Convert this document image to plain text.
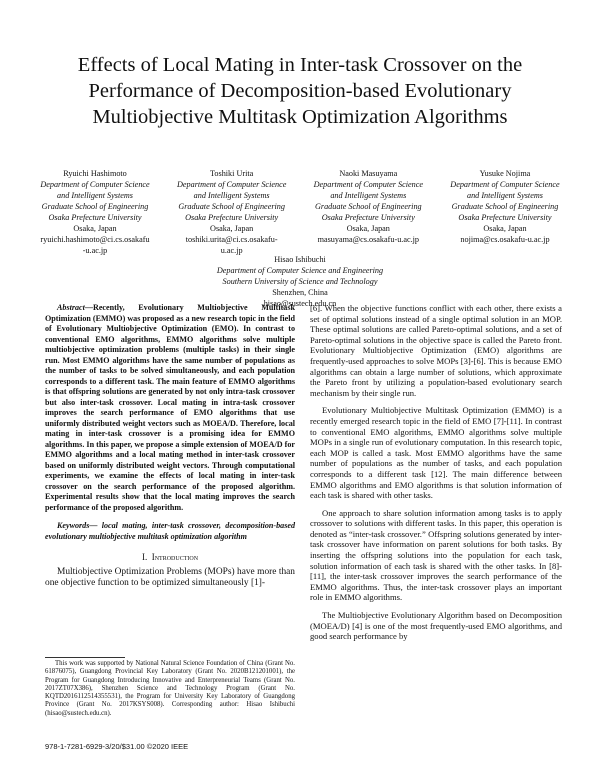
Effects of Local Mating in Inter-task Crossover on the
Performance of Decomposition-based Evolutionary
Multiobjective Multitask Optimization Algorithms
Ryuichi Hashimoto
Department of Computer Science
and Intelligent Systems
Graduate School of Engineering
Osaka Prefecture University
Osaka, Japan
ryuichi.hashimoto@ci.cs.osakafu
-u.ac.jp
Toshiki Urita
Department of Computer Science
and Intelligent Systems
Graduate School of Engineering
Osaka Prefecture University
Osaka, Japan
toshiki.urita@ci.cs.osakafu-
u.ac.jp
Naoki Masuyama
Department of Computer Science
and Intelligent Systems
Graduate School of Engineering
Osaka Prefecture University
Osaka, Japan
masuyama@cs.osakafu-u.ac.jp
Yusuke Nojima
Department of Computer Science
and Intelligent Systems
Graduate School of Engineering
Osaka Prefecture University
Osaka, Japan
nojima@cs.osakafu-u.ac.jp
Hisao Ishibuchi
Department of Computer Science and Engineering
Southern University of Science and Technology
Shenzhen, China
hisao@sustech.edu.cn
Abstract—Recently, Evolutionary Multiobjective Multitask Optimization (EMMO) was proposed as a new research topic in the field of Evolutionary Multiobjective Optimization (EMO). In contrast to conventional EMO algorithms, EMMO algorithms solve multiple multiobjective optimization problems (multiple tasks) in their single run. Most EMMO algorithms have the same number of populations as the number of tasks to be solved simultaneously, and each population corresponds to a different task. The main feature of EMMO algorithms is that offspring solutions are generated by not only intra-task crossover but also inter-task crossover. Local mating in intra-task crossover improves the search performance of EMO algorithms that use uniformly distributed weight vectors such as MOEA/D. Therefore, local mating in inter-task crossover is a promising idea for EMMO algorithms. In this paper, we propose a simple extension of MOEA/D for EMMO algorithms and a local mating method in inter-task crossover based on uniformly distributed weight vectors. Through computational experiments, we examine the effects of local mating in inter-task crossover on the search performance of the proposed algorithm. Experimental results show that the local mating improves the search performance of the proposed algorithm.
Keywords— local mating, inter-task crossover, decomposition-based evolutionary multiobjective multitask optimization algorithm
I. Introduction

Multiobjective Optimization Problems (MOPs) have more than one objective function to be optimized simultaneously [1]-

[6]. When the objective functions conflict with each other, there exists a set of optimal solutions instead of a single optimal solution in an MOP. These optimal solutions are called Pareto-optimal solutions, and a set of Pareto-optimal solutions in the objective space is called the Pareto front. Evolutionary Multiobjective Optimization (EMO) algorithms are frequently-used approaches to solve MOPs [3]-[6]. This is because EMO algorithms can obtain a large number of solutions, which approximate the Pareto front by utilizing a population-based evolutionary search mechanism by their single run.

Evolutionary Multiobjective Multitask Optimization (EMMO) is a recently emerged research topic in the field of EMO [7]-[11]. In contrast to conventional EMO algorithms, EMMO algorithms solve multiple MOPs in a single run of evolutionary computation. In this research topic, each MOP is called a task. Most EMMO algorithms have the same number of populations as the number of tasks, and each population corresponds to a different task [12]. The main difference between EMMO algorithms and EMO algorithms is that solution information of each task is shared with other tasks.

One approach to share solution information among tasks is to apply crossover to solutions with different tasks. In this paper, this operation is denoted as “inter-task crossover.” Offspring solutions generated by inter-task crossover have information on parent solutions for both tasks. By inserting the offspring solutions into the population for each task, solution information of each task is shared with the other tasks. In [8]-[11], the inter-task crossover improves the search performance of the EMMO algorithms. Thus, the inter-task crossover plays an important role in EMMO algorithms.

The Multiobjective Evolutionary Algorithm based on Decomposition (MOEA/D) [4] is one of the most frequently-used EMO algorithms, and good search performance by

This work was supported by National Natural Science Foundation of China (Grant No. 61876075), Guangdong Provincial Key Laboratory (Grant No. 2020B121201001), the Program for Guangdong Introducing Innovative and Enterpreneurial Teams (Grant No. 2017ZT07X386), Shenzhen Science and Technology Program (Grant No. KQTD2016112514355531), the Program for University Key Laboratory of Guangdong Province (Grant No. 2017KSYS008). Corresponding author: Hisao Ishibuchi (hisao@sustech.edu.cn).
978-1-7281-6929-3/20/$31.00 ©2020 IEEE
